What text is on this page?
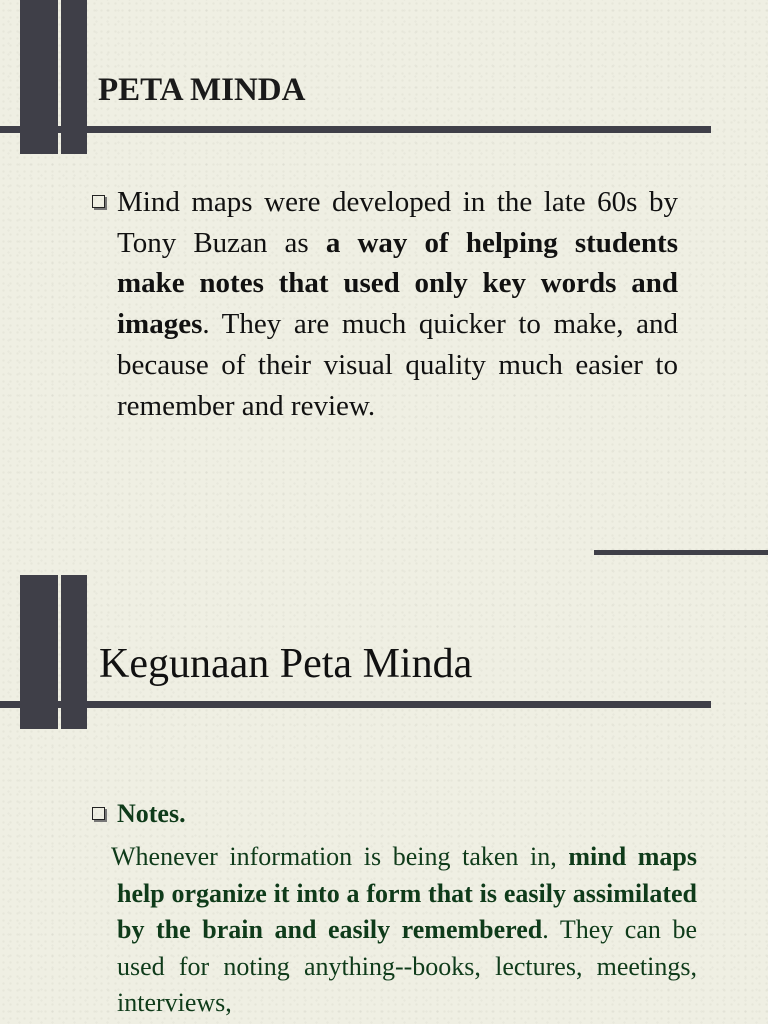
PETA MINDA

Mind maps were developed in the late 60s by Tony Buzan as a way of helping students make notes that used only key words and images. They are much quicker to make, and because of their visual quality much easier to remember and review.

Kegunaan Peta Minda

Notes.

Whenever information is being taken in, mind maps help organize it into a form that is easily assimilated by the brain and easily remembered. They can be used for noting anything--books, lectures, meetings, interviews,
